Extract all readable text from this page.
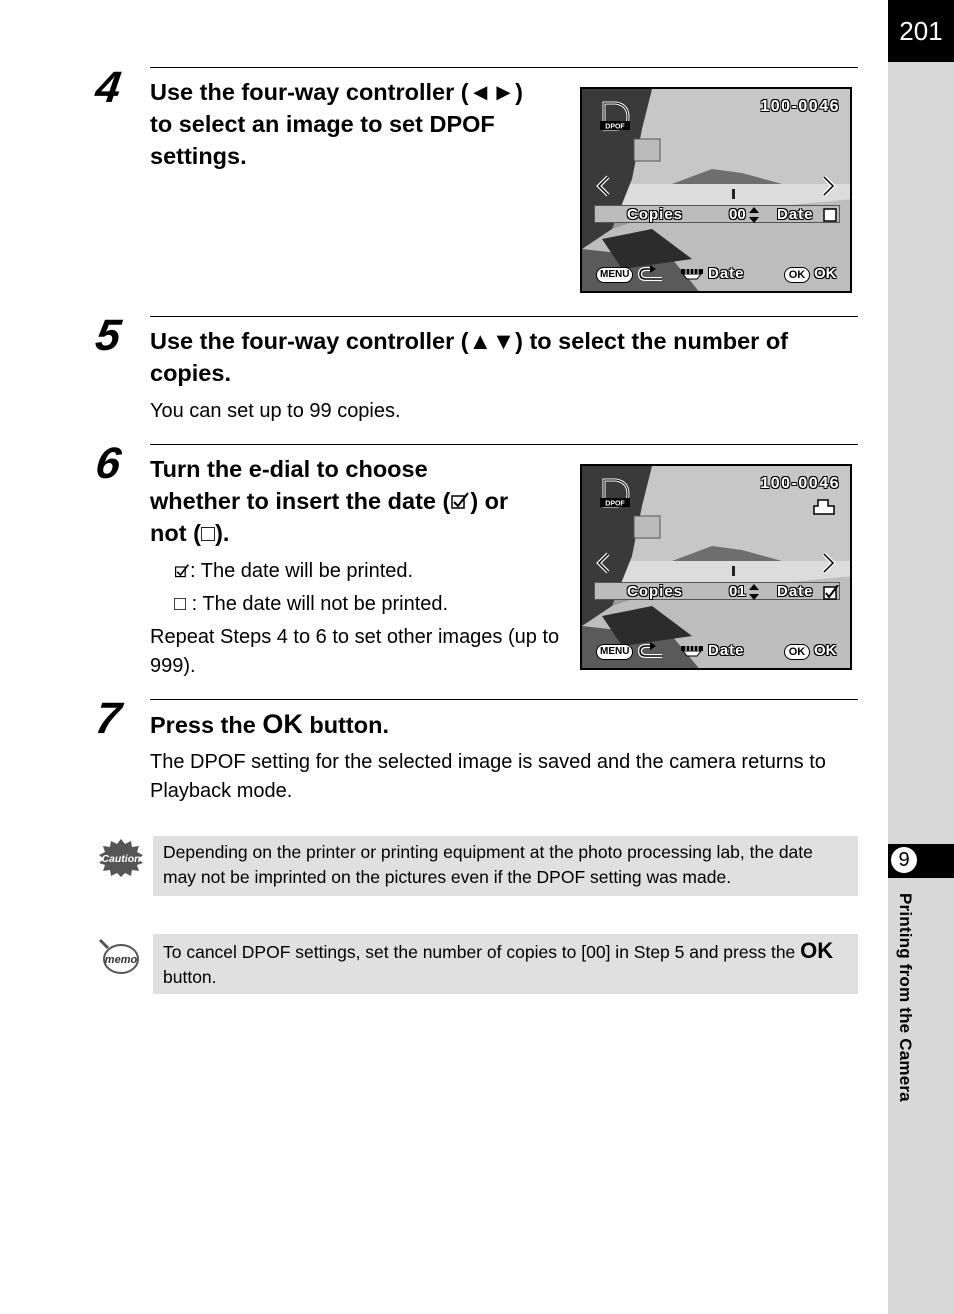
201
9
Printing from the Camera
4 Use the four-way controller (◄►) to select an image to set DPOF settings.

DPOF
100-0046
Copies	00 Date
MENU	Date	OK OK
5 Use the four-way controller (▲▼) to select the number of copies.

You can set up to 99 copies.

6 Turn the e-dial to choose
whether to insert the date ( ) or
not (□).
: The date will be printed.

□ : The date will not be printed.

Repeat Steps 4 to 6 to set other images (up to 999).

DPOF
100-0046
Copies	01 Date
MENU	Date	OK OK
7 Press the OK button.

The DPOF setting for the selected image is saved and the camera returns to Playback mode.

Caution	Depending on the printer or printing equipment at the photo processing lab, the date may not be imprinted on the pictures even if the DPOF setting was made.
memo	To cancel DPOF settings, set the number of copies to [00] in Step 5 and press the OK button.
